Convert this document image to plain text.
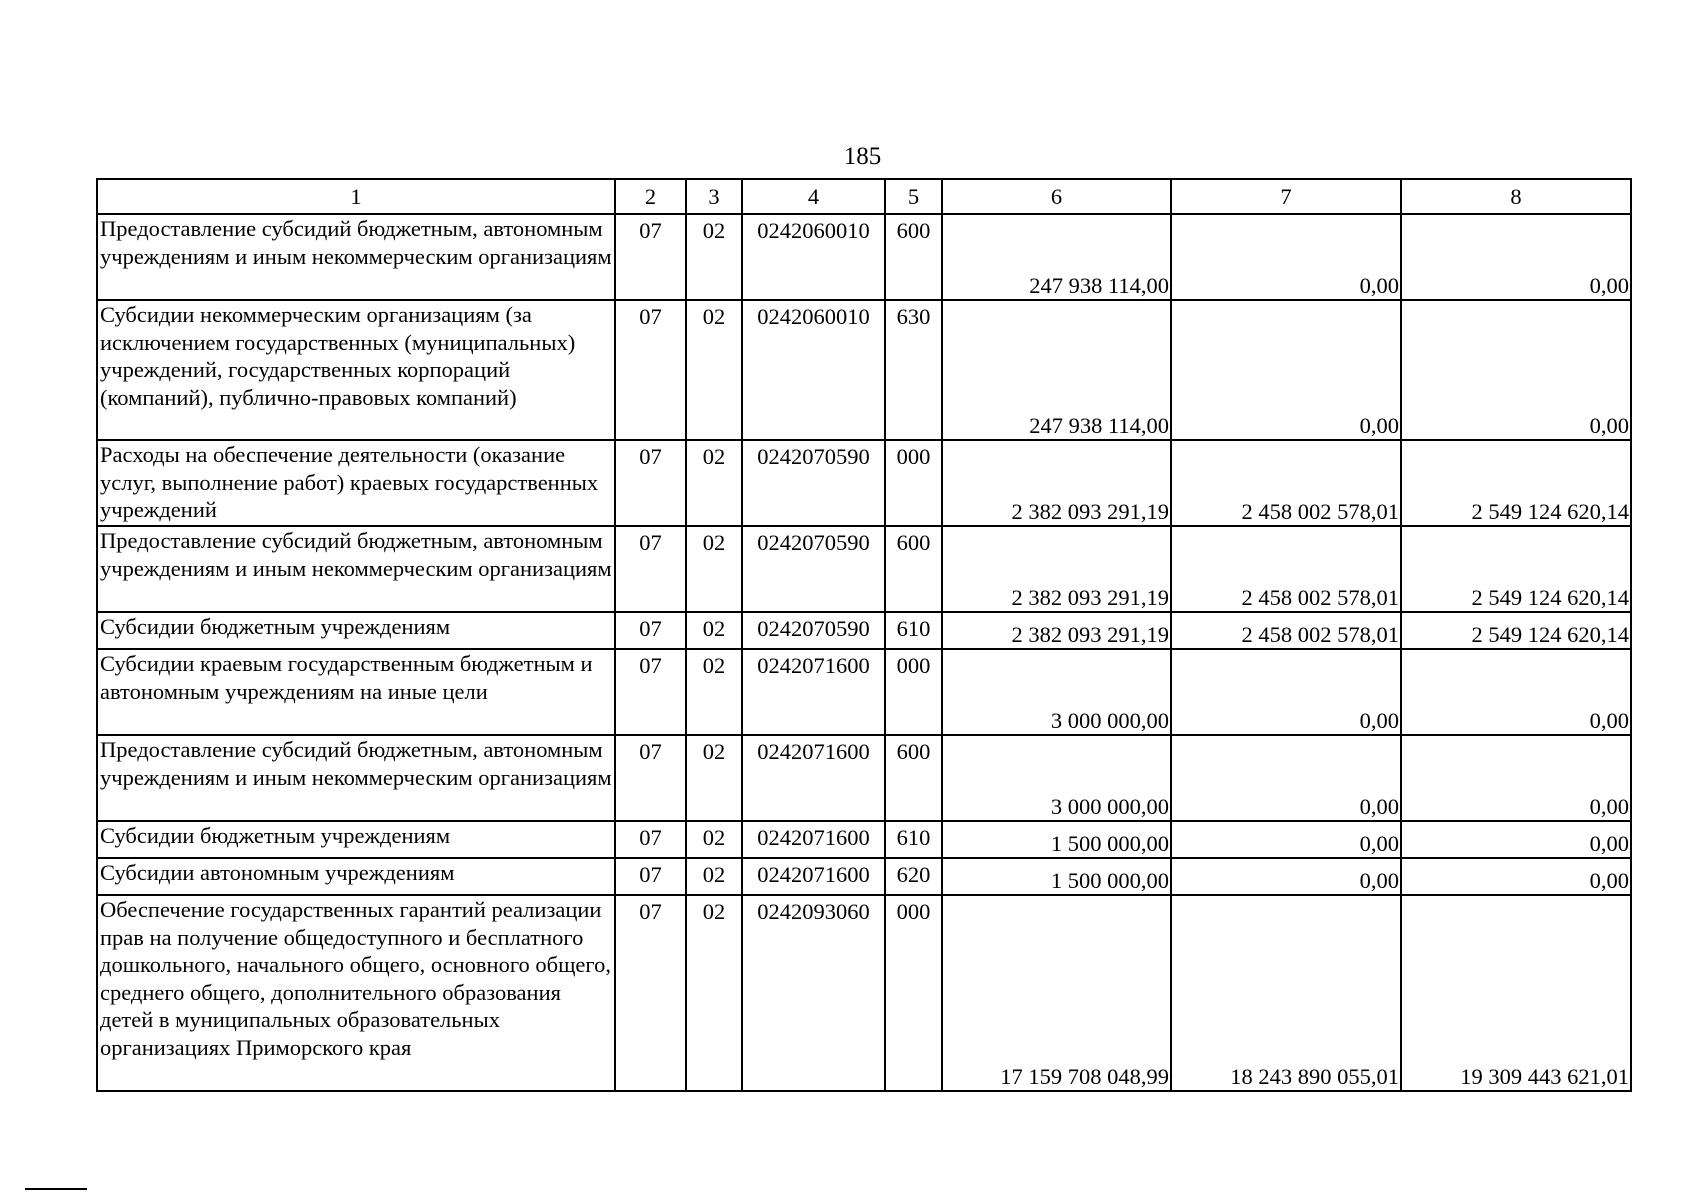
185
1	2	3	4	5	6	7	8
Предоставление субсидий бюджетным, автономным учреждениям и иным некоммерческим организациям	07	02	0242060010	600	247 938 114,00	0,00	0,00
Субсидии некоммерческим организациям (за исключением государственных (муниципальных) учреждений, государственных корпораций (компаний), публично-правовых компаний)	07	02	0242060010	630	247 938 114,00	0,00	0,00
Расходы на обеспечение деятельности (оказание услуг, выполнение работ) краевых государственных учреждений	07	02	0242070590	000	2 382 093 291,19	2 458 002 578,01	2 549 124 620,14
Предоставление субсидий бюджетным, автономным учреждениям и иным некоммерческим организациям	07	02	0242070590	600	2 382 093 291,19	2 458 002 578,01	2 549 124 620,14
Субсидии бюджетным учреждениям	07	02	0242070590	610	2 382 093 291,19	2 458 002 578,01	2 549 124 620,14
Субсидии краевым государственным бюджетным и автономным учреждениям на иные цели	07	02	0242071600	000	3 000 000,00	0,00	0,00
Предоставление субсидий бюджетным, автономным учреждениям и иным некоммерческим организациям	07	02	0242071600	600	3 000 000,00	0,00	0,00
Субсидии бюджетным учреждениям	07	02	0242071600	610	1 500 000,00	0,00	0,00
Субсидии автономным учреждениям	07	02	0242071600	620	1 500 000,00	0,00	0,00
Обеспечение государственных гарантий реализации прав на получение общедоступного и бесплатного дошкольного, начального общего, основного общего, среднего общего, дополнительного образования детей в муниципальных образовательных организациях Приморского края	07	02	0242093060	000	17 159 708 048,99	18 243 890 055,01	19 309 443 621,01
